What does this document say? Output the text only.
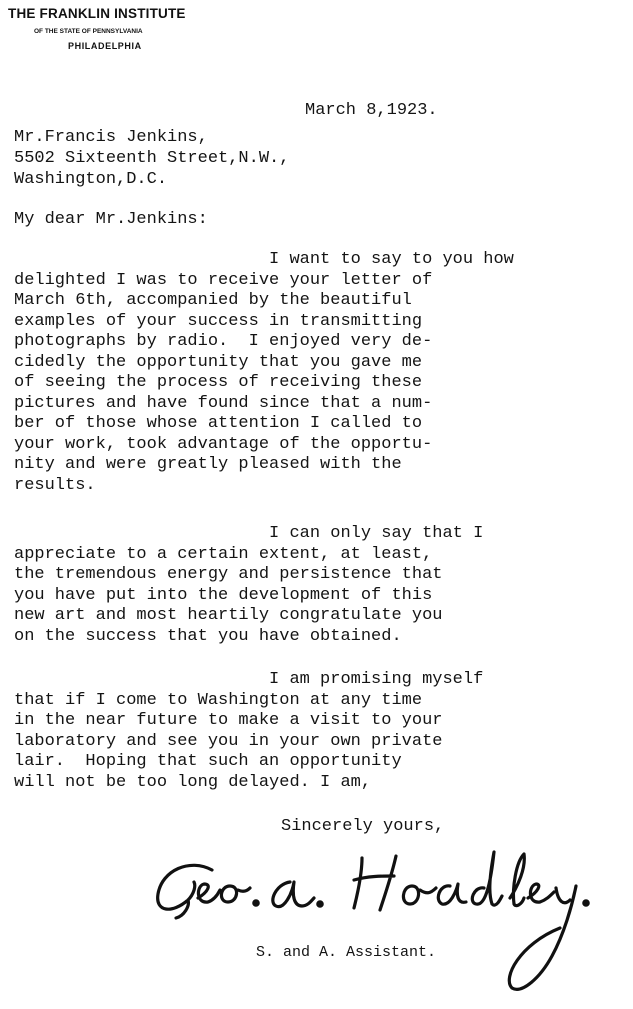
THE FRANKLIN INSTITUTE
OF THE STATE OF PENNSYLVANIA
PHILADELPHIA
March 8,1923.
Mr.Francis Jenkins,
5502 Sixteenth Street,N.W.,
Washington,D.C.
My dear Mr.Jenkins:
I want to say to you how
delighted I was to receive your letter of
March 6th, accompanied by the beautiful
examples of your success in transmitting
photographs by radio.  I enjoyed very de-
cidedly the opportunity that you gave me
of seeing the process of receiving these
pictures and have found since that a num-
ber of those whose attention I called to
your work, took advantage of the opportu-
nity and were greatly pleased with the
results.
I can only say that I
appreciate to a certain extent, at least,
the tremendous energy and persistence that
you have put into the development of this
new art and most heartily congratulate you
on the success that you have obtained.
I am promising myself
that if I come to Washington at any time
in the near future to make a visit to your
laboratory and see you in your own private
lair.  Hoping that such an opportunity
will not be too long delayed. I am,
Sincerely yours,
S. and A. Assistant.
